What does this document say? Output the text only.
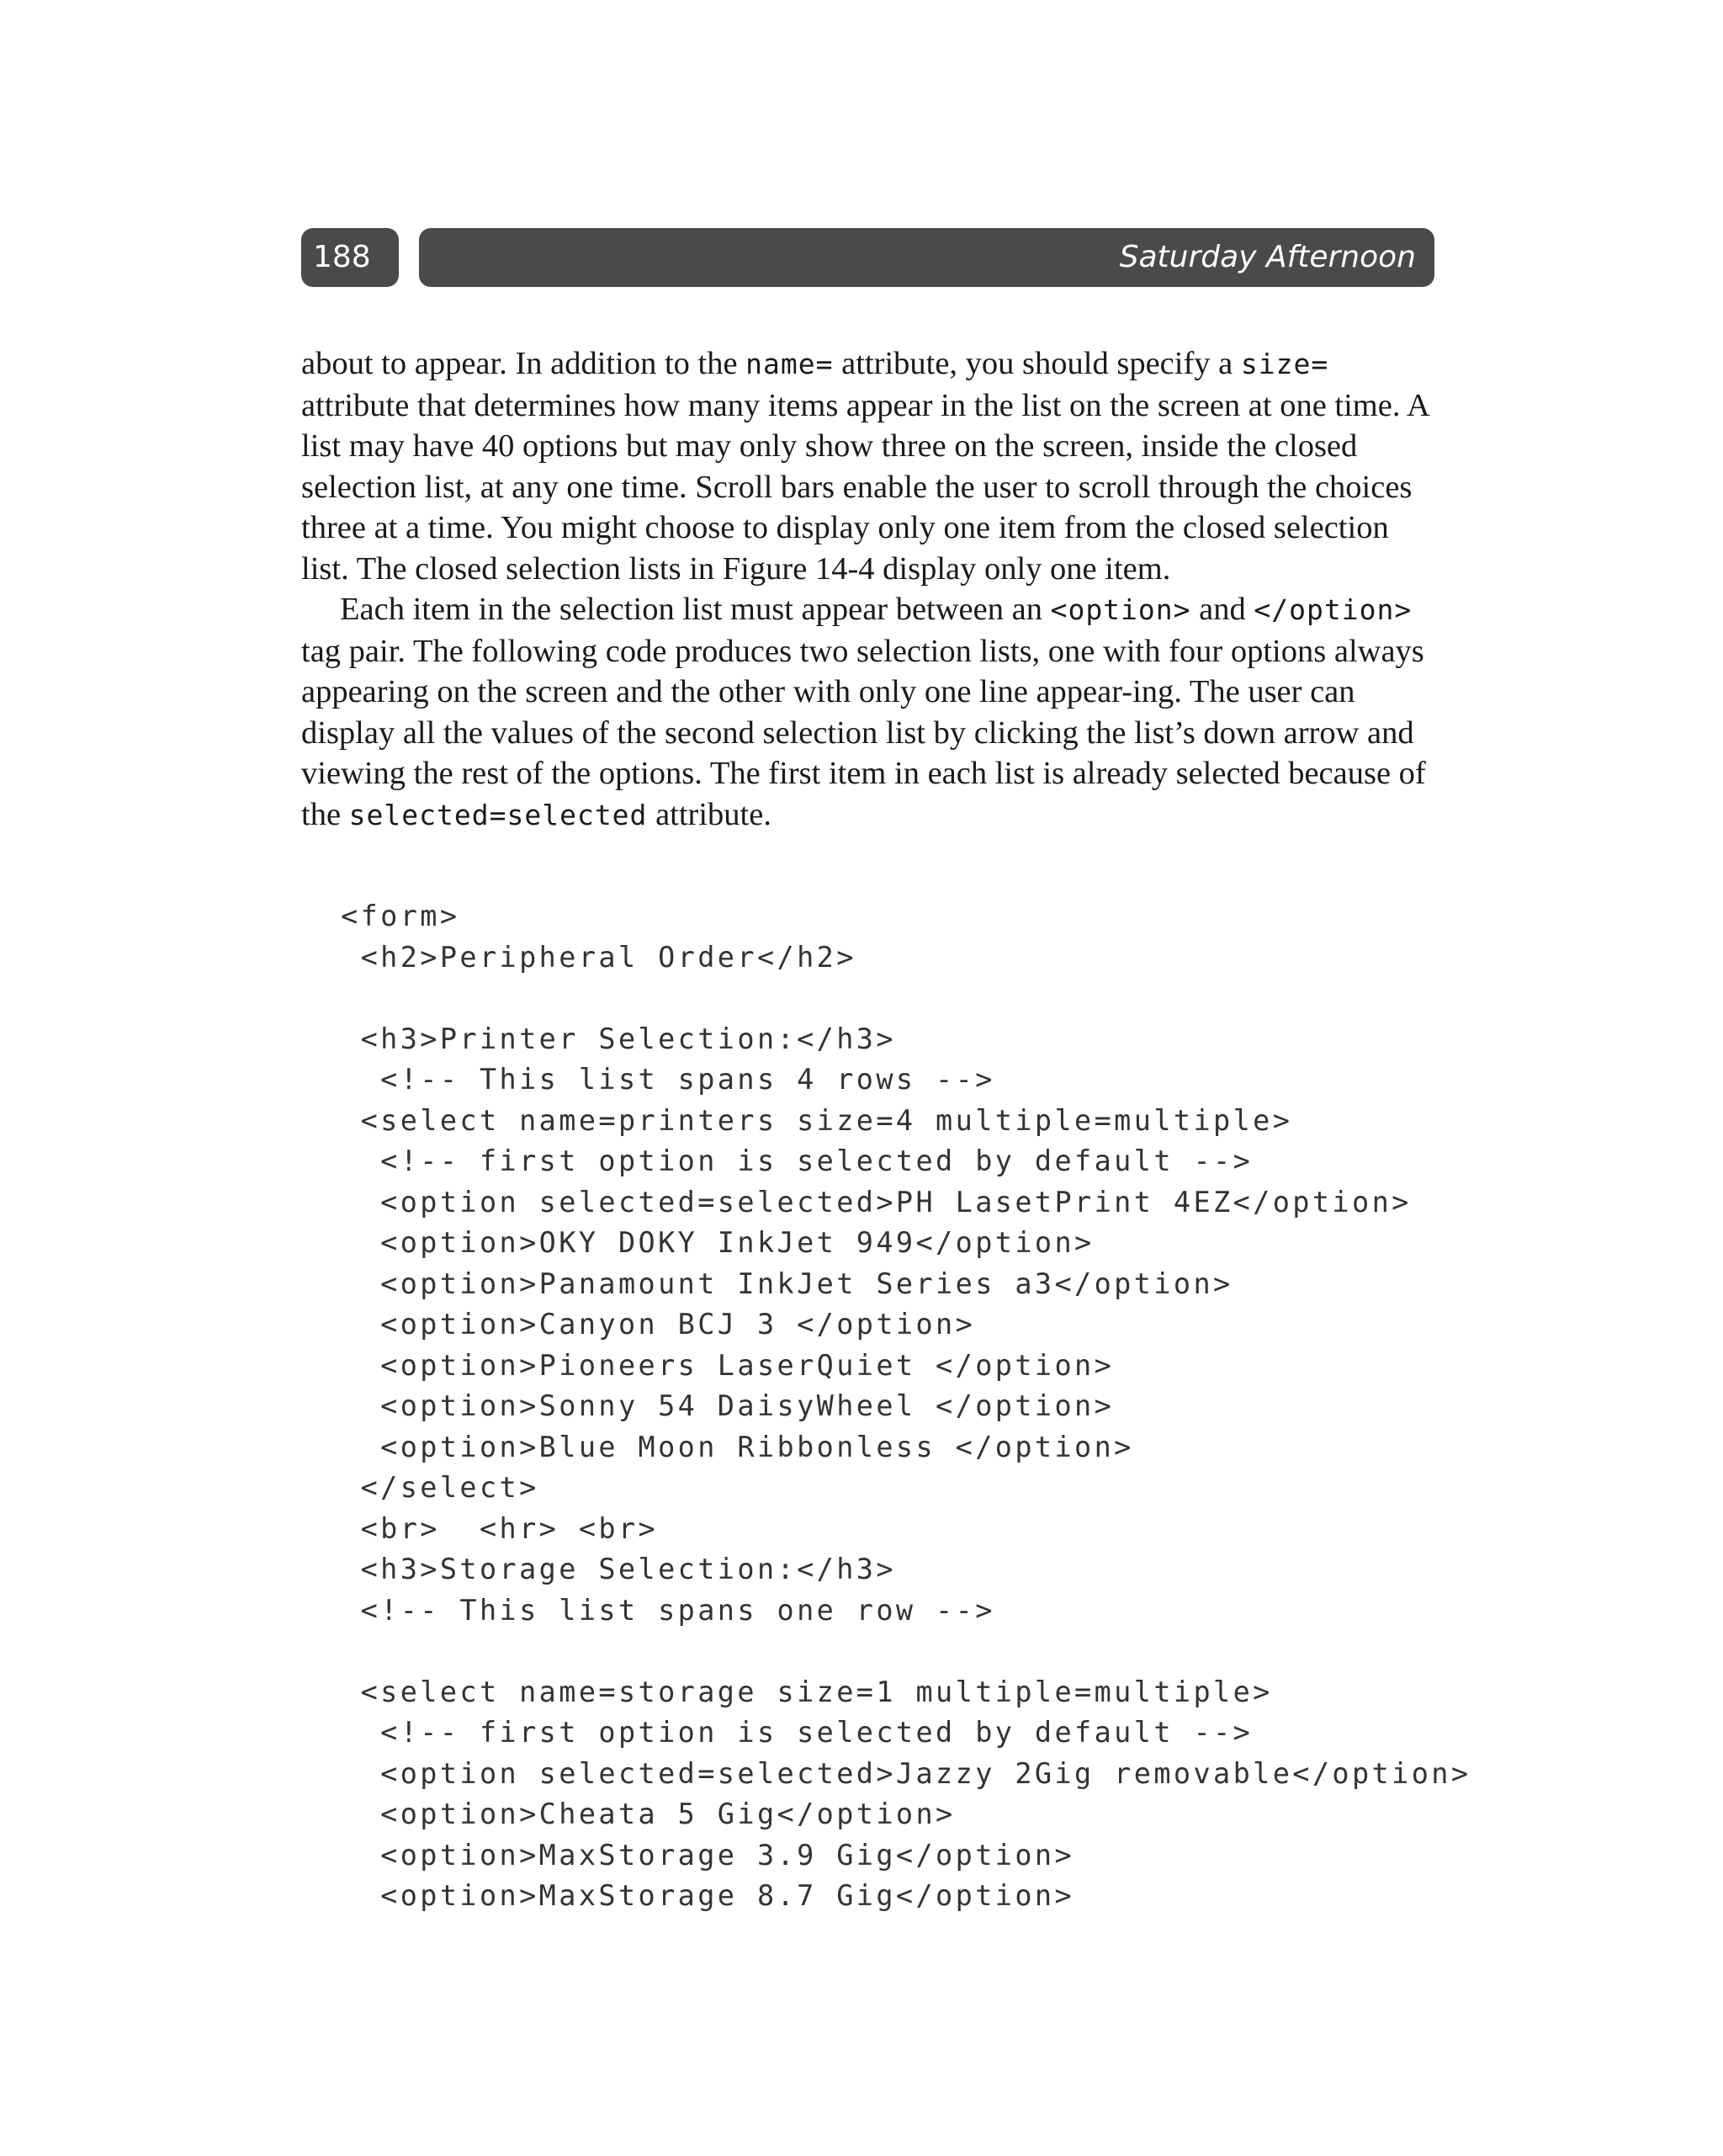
188	Saturday Afternoon

about to appear. In addition to the name= attribute, you should specify a size= attribute that determines how many items appear in the list on the screen at one time. A list may have 40 options but may only show three on the screen, inside the closed selection list, at any one time. Scroll bars enable the user to scroll through the choices three at a time. You might choose to display only one item from the closed selection list. The closed selection lists in Figure 14-4 display only one item.

Each item in the selection list must appear between an <option> and </option> tag pair. The following code produces two selection lists, one with four options always appearing on the screen and the other with only one line appear-ing. The user can display all the values of the second selection list by clicking the list’s down arrow and viewing the rest of the options. The first item in each list is already selected because of the selected=selected attribute.

<form>
<h2>Peripheral Order</h2>
<h3>Printer Selection:</h3>
<!-- This list spans 4 rows -->
<select name=printers size=4 multiple=multiple>
<!-- first option is selected by default -->
<option selected=selected>PH LasetPrint 4EZ</option>
<option>OKY DOKY InkJet 949</option>
<option>Panamount InkJet Series a3</option>
<option>Canyon BCJ 3 </option>
<option>Pioneers LaserQuiet </option>
<option>Sonny 54 DaisyWheel </option>
<option>Blue Moon Ribbonless </option>
</select>
<br>  <hr> <br>
<h3>Storage Selection:</h3>
<!-- This list spans one row -->
<select name=storage size=1 multiple=multiple>
<!-- first option is selected by default -->
<option selected=selected>Jazzy 2Gig removable</option>
<option>Cheata 5 Gig</option>
<option>MaxStorage 3.9 Gig</option>
<option>MaxStorage 8.7 Gig</option>
